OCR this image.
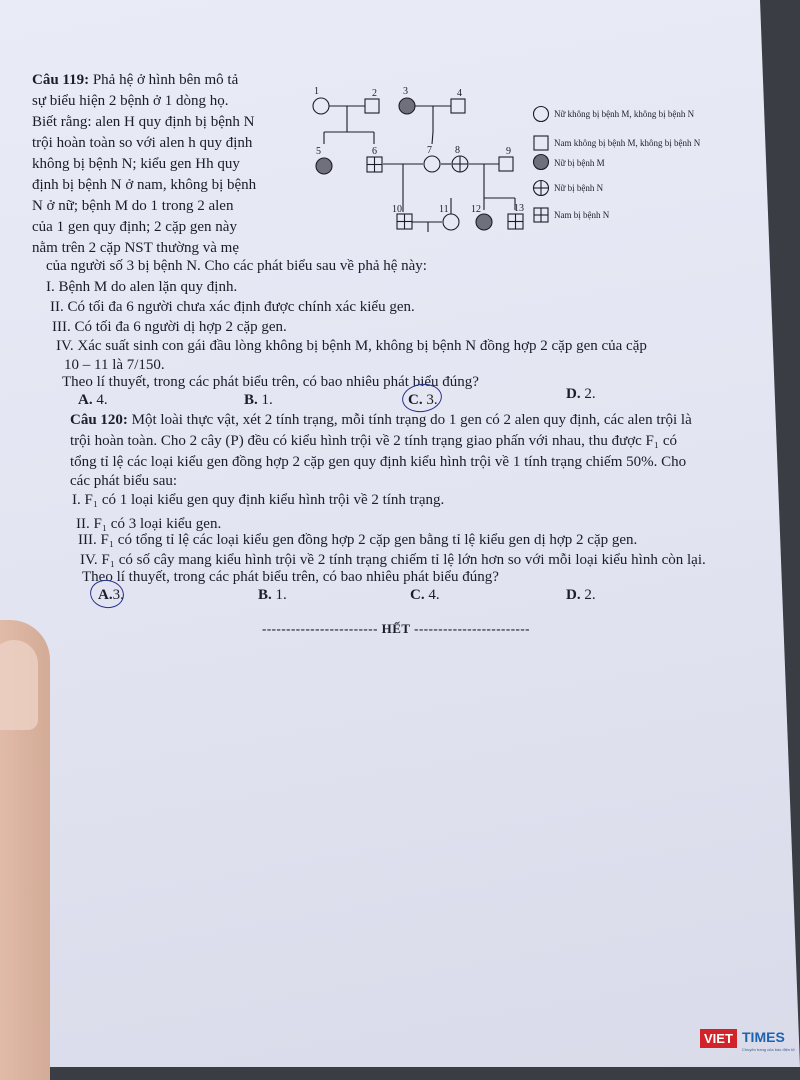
Câu 119: Phả hệ ở hình bên mô tả

sự biểu hiện 2 bệnh ở 1 dòng họ.

Biết rằng: alen H quy định bị bệnh N

trội hoàn toàn so với alen h quy định

không bị bệnh N; kiểu gen Hh quy

định bị bệnh N ở nam, không bị bệnh

N ở nữ; bệnh M do 1 trong 2 alen

của 1 gen quy định; 2 cặp gen này

nằm trên 2 cặp NST thường và mẹ

1	2	3	4
5	6	7 8	9
10	11 12	13
Nữ không bị bệnh M, không bị bệnh N
Nam không bị bệnh M, không bị bệnh N
Nữ bị bệnh M
Nữ bị bệnh N
Nam bị bệnh N
của người số 3 bị bệnh N. Cho các phát biểu sau về phả hệ này:
I. Bệnh M do alen lặn quy định.
II. Có tối đa 6 người chưa xác định được chính xác kiểu gen.
III. Có tối đa 6 người dị hợp 2 cặp gen.
IV. Xác suất sinh con gái đầu lòng không bị bệnh M, không bị bệnh N đồng hợp 2 cặp gen của cặp
10 – 11 là 7/150.
Theo lí thuyết, trong các phát biểu trên, có bao nhiêu phát biểu đúng?
A. 4.	B. 1.	C. 3.	D. 2.
Câu 120: Một loài thực vật, xét 2 tính trạng, mỗi tính trạng do 1 gen có 2 alen quy định, các alen trội là
trội hoàn toàn. Cho 2 cây (P) đều có kiểu hình trội về 2 tính trạng giao phấn với nhau, thu được F₁ có
tổng tỉ lệ các loại kiểu gen đồng hợp 2 cặp gen quy định kiểu hình trội về 1 tính trạng chiếm 50%. Cho
các phát biểu sau:
I. F₁ có 1 loại kiểu gen quy định kiểu hình trội về 2 tính trạng.
II. F₁ có 3 loại kiểu gen.
III. F₁ có tổng tỉ lệ các loại kiểu gen đồng hợp 2 cặp gen bằng tỉ lệ kiểu gen dị hợp 2 cặp gen.
IV. F₁ có số cây mang kiểu hình trội về 2 tính trạng chiếm tỉ lệ lớn hơn so với mỗi loại kiểu hình còn lại.
Theo lí thuyết, trong các phát biểu trên, có bao nhiêu phát biểu đúng?
A.3.	B. 1.	C. 4.	D. 2.
------------------------ HẾT ------------------------
VIET TIMES
Chuyên trang của báo điện tử
